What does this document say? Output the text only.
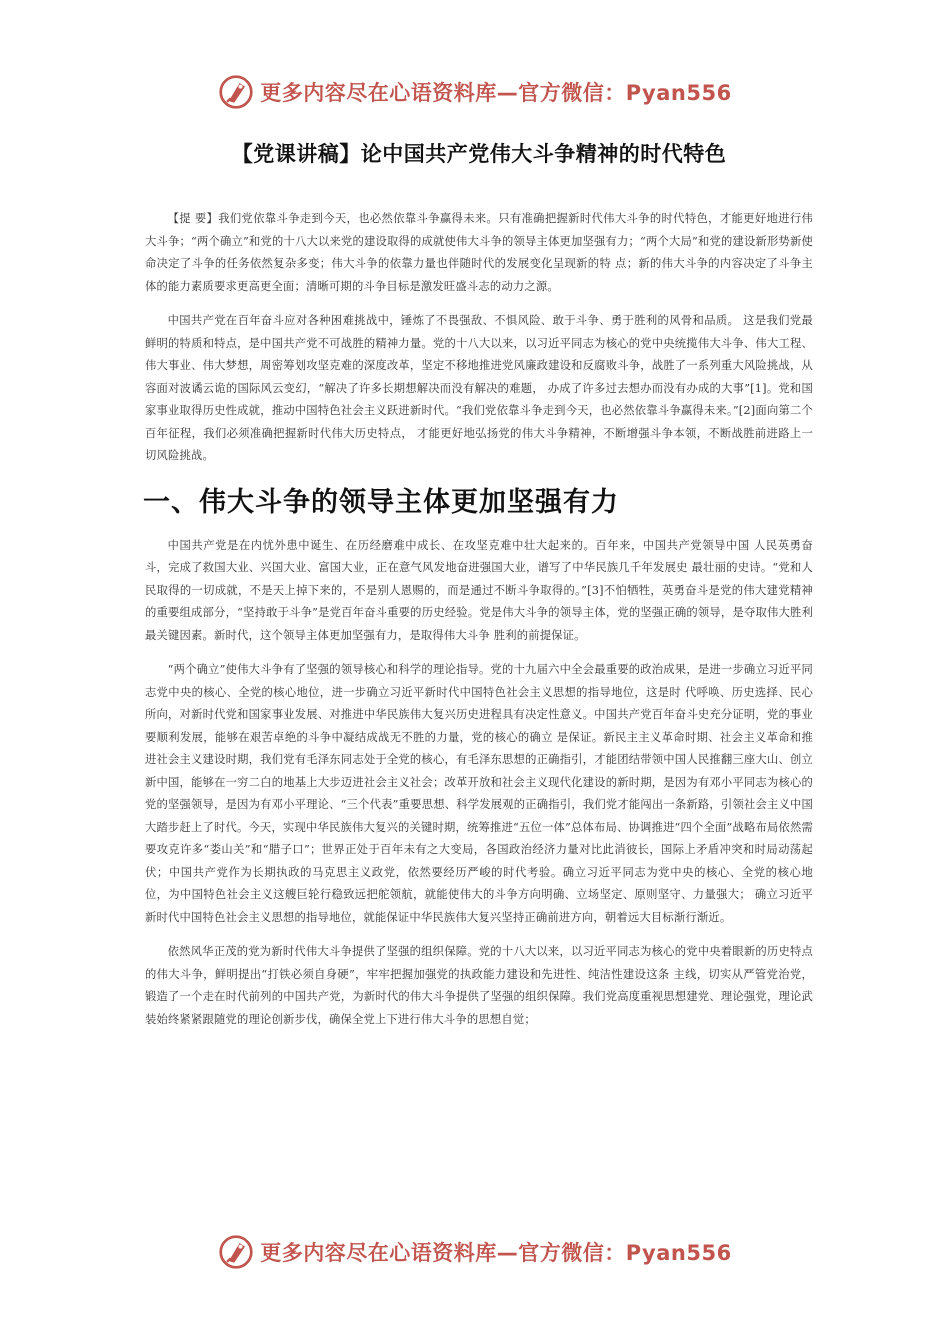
更多内容尽在心语资料库—官方微信：Pyan556
【党课讲稿】论中国共产党伟大斗争精神的时代特色

【提 要】我们党依靠斗争走到今天，也必然依靠斗争赢得未来。只有准确把握新时代伟大斗争的时代特色，才能更好地进行伟大斗争；“两个确立”和党的十八大以来党的建设取得的成就使伟大斗争的领导主体更加坚强有力；“两个大局”和党的建设新形势新使命决定了斗争的任务依然复杂多变；伟大斗争的依靠力量也伴随时代的发展变化呈现新的特 点；新的伟大斗争的内容决定了斗争主体的能力素质要求更高更全面；清晰可期的斗争目标是激发旺盛斗志的动力之源。

中国共产党在百年奋斗应对各种困难挑战中，锤炼了不畏强敌、不惧风险、敢于斗争、勇于胜利的风骨和品质。 这是我们党最鲜明的特质和特点，是中国共产党不可战胜的精神力量。党的十八大以来，以习近平同志为核心的党中央统揽伟大斗争、伟大工程、伟大事业、伟大梦想，周密筹划攻坚克难的深度改革，坚定不移地推进党风廉政建设和反腐败斗争，战胜了一系列重大风险挑战，从容面对波谲云诡的国际风云变幻，“解决了许多长期想解决而没有解决的难题， 办成了许多过去想办而没有办成的大事”[1]。党和国家事业取得历史性成就，推动中国特色社会主义跃进新时代。“我们党依靠斗争走到今天，也必然依靠斗争赢得未来。”[2]面向第二个百年征程，我们必须准确把握新时代伟大历史特点， 才能更好地弘扬党的伟大斗争精神，不断增强斗争本领，不断战胜前进路上一切风险挑战。

一、伟大斗争的领导主体更加坚强有力

中国共产党是在内忧外患中诞生、在历经磨难中成长、在攻坚克难中壮大起来的。百年来，中国共产党领导中国 人民英勇奋斗，完成了救国大业、兴国大业、富国大业，正在意气风发地奋进强国大业，谱写了中华民族几千年发展史 最壮丽的史诗。“党和人民取得的一切成就，不是天上掉下来的，不是别人恩赐的，而是通过不断斗争取得的。”[3]不怕牺牲，英勇奋斗是党的伟大建党精神的重要组成部分，“坚持敢于斗争”是党百年奋斗重要的历史经验。党是伟大斗争的领导主体，党的坚强正确的领导，是夺取伟大胜利最关键因素。新时代，这个领导主体更加坚强有力，是取得伟大斗争 胜利的前提保证。

“两个确立”使伟大斗争有了坚强的领导核心和科学的理论指导。党的十九届六中全会最重要的政治成果，是进一步确立习近平同志党中央的核心、全党的核心地位，进一步确立习近平新时代中国特色社会主义思想的指导地位，这是时 代呼唤、历史选择、民心所向，对新时代党和国家事业发展、对推进中华民族伟大复兴历史进程具有决定性意义。中国共产党百年奋斗史充分证明，党的事业要顺利发展，能够在艰苦卓绝的斗争中凝结成战无不胜的力量，党的核心的确立 是保证。新民主主义革命时期、社会主义革命和推进社会主义建设时期，我们党有毛泽东同志处于全党的核心，有毛泽东思想的正确指引，才能团结带领中国人民推翻三座大山、创立新中国，能够在一穷二白的地基上大步迈进社会主义社会；改革开放和社会主义现代化建设的新时期，是因为有邓小平同志为核心的党的坚强领导，是因为有邓小平理论、“三个代表”重要思想、科学发展观的正确指引，我们党才能闯出一条新路，引领社会主义中国大踏步赶上了时代。今天，实现中华民族伟大复兴的关键时期，统筹推进“五位一体”总体布局、协调推进“四个全面”战略布局依然需要攻克许多“娄山关”和“腊子口”；世界正处于百年未有之大变局，各国政治经济力量对比此消彼长，国际上矛盾冲突和时局动荡起伏；中国共产党作为长期执政的马克思主义政党，依然要经历严峻的时代考验。确立习近平同志为党中央的核心、全党的核心地 位，为中国特色社会主义这艘巨轮行稳致远把舵领航，就能使伟大的斗争方向明确、立场坚定、原则坚守、力量强大； 确立习近平新时代中国特色社会主义思想的指导地位，就能保证中华民族伟大复兴坚持正确前进方向，朝着远大目标渐行渐近。

依然风华正茂的党为新时代伟大斗争提供了坚强的组织保障。党的十八大以来，以习近平同志为核心的党中央着眼新的历史特点的伟大斗争，鲜明提出“打铁必须自身硬”，牢牢把握加强党的执政能力建设和先进性、纯洁性建设这条 主线，切实从严管党治党，锻造了一个走在时代前列的中国共产党，为新时代的伟大斗争提供了坚强的组织保障。我们党高度重视思想建党、理论强党，理论武装始终紧紧跟随党的理论创新步伐，确保全党上下进行伟大斗争的思想自觉；

更多内容尽在心语资料库—官方微信：Pyan556
